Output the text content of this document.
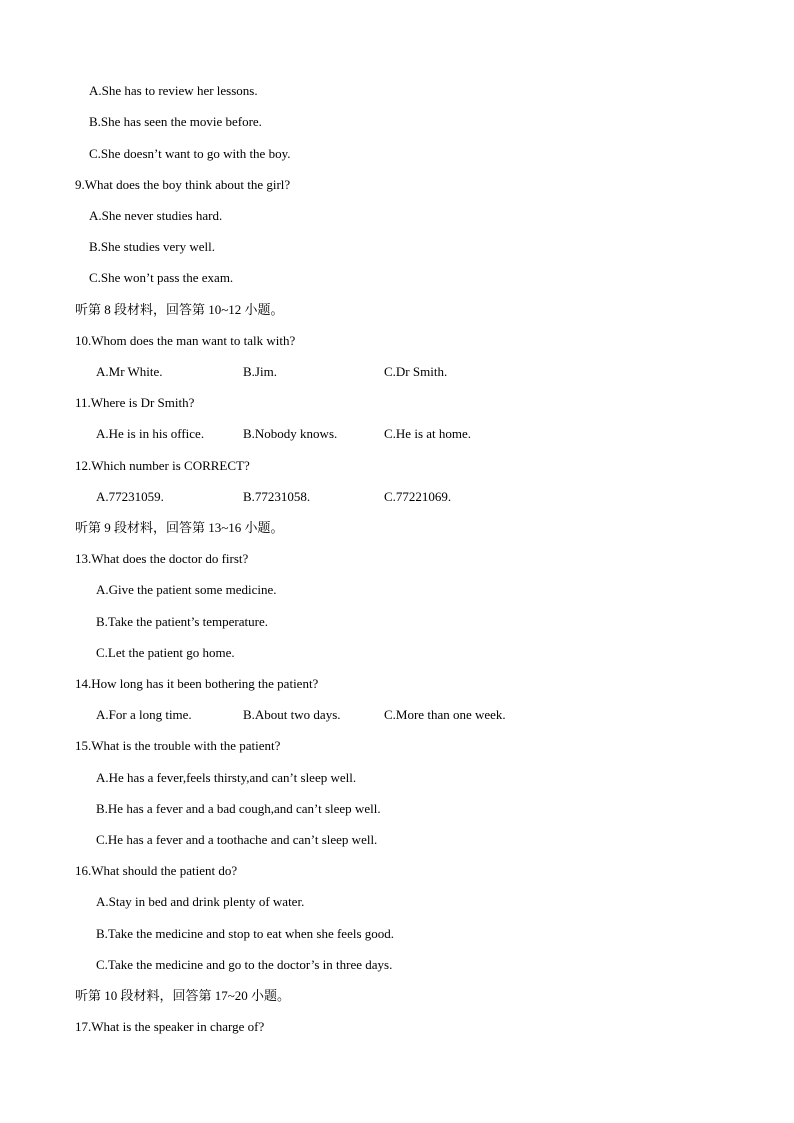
A.She has to review her lessons.
B.She has seen the movie before.
C.She doesn’t want to go with the boy.
9.What does the boy think about the girl?
A.She never studies hard.
B.She studies very well.
C.She won’t pass the exam.
听第 8 段材料，回答第 10~12 小题。
10.Whom does the man want to talk with?
A.Mr White.	B.Jim.	C.Dr Smith.
11.Where is Dr Smith?
A.He is in his office.	B.Nobody knows.	C.He is at home.
12.Which number is CORRECT?
A.77231059.	B.77231058.	C.77221069.
听第 9 段材料，回答第 13~16 小题。
13.What does the doctor do first?
A.Give the patient some medicine.
B.Take the patient’s temperature.
C.Let the patient go home.
14.How long has it been bothering the patient?
A.For a long time.	B.About two days.	C.More than one week.
15.What is the trouble with the patient?
A.He has a fever,feels thirsty,and can’t sleep well.
B.He has a fever and a bad cough,and can’t sleep well.
C.He has a fever and a toothache and can’t sleep well.
16.What should the patient do?
A.Stay in bed and drink plenty of water.
B.Take the medicine and stop to eat when she feels good.
C.Take the medicine and go to the doctor’s in three days.
听第 10 段材料，回答第 17~20 小题。
17.What is the speaker in charge of?
